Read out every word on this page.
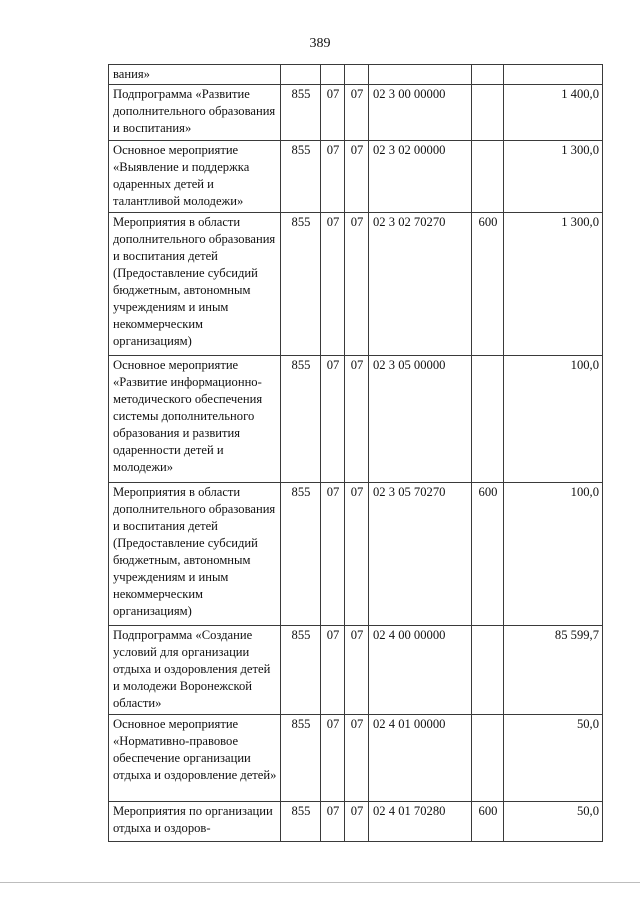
389
вания»						
Подпрограмма «Развитие дополнительного образования и воспитания»	855	07	07	02 3 00 00000		1 400,0
Основное мероприятие «Выявление и поддержка одаренных детей и талантливой молодежи»	855	07	07	02 3 02 00000		1 300,0
Мероприятия в области дополнительного образования и воспитания детей (Предоставление субсидий бюджетным, автономным учреждениям и иным некоммерческим организациям)	855	07	07	02 3 02 70270	600	1 300,0
Основное мероприятие «Развитие информационно-методического обеспечения системы дополнительного образования и развития одаренности детей и молодежи»	855	07	07	02 3 05 00000		100,0
Мероприятия в области дополнительного образования и воспитания детей (Предоставление субсидий бюджетным, автономным учреждениям и иным некоммерческим организациям)	855	07	07	02 3 05 70270	600	100,0
Подпрограмма «Создание условий для организации отдыха и оздоровления детей и молодежи Воронежской области»	855	07	07	02 4 00 00000		85 599,7
Основное мероприятие «Нормативно-правовое обеспечение организации отдыха и оздоровление детей»	855	07	07	02 4 01 00000		50,0
Мероприятия по организации отдыха и оздоров-	855	07	07	02 4 01 70280	600	50,0
